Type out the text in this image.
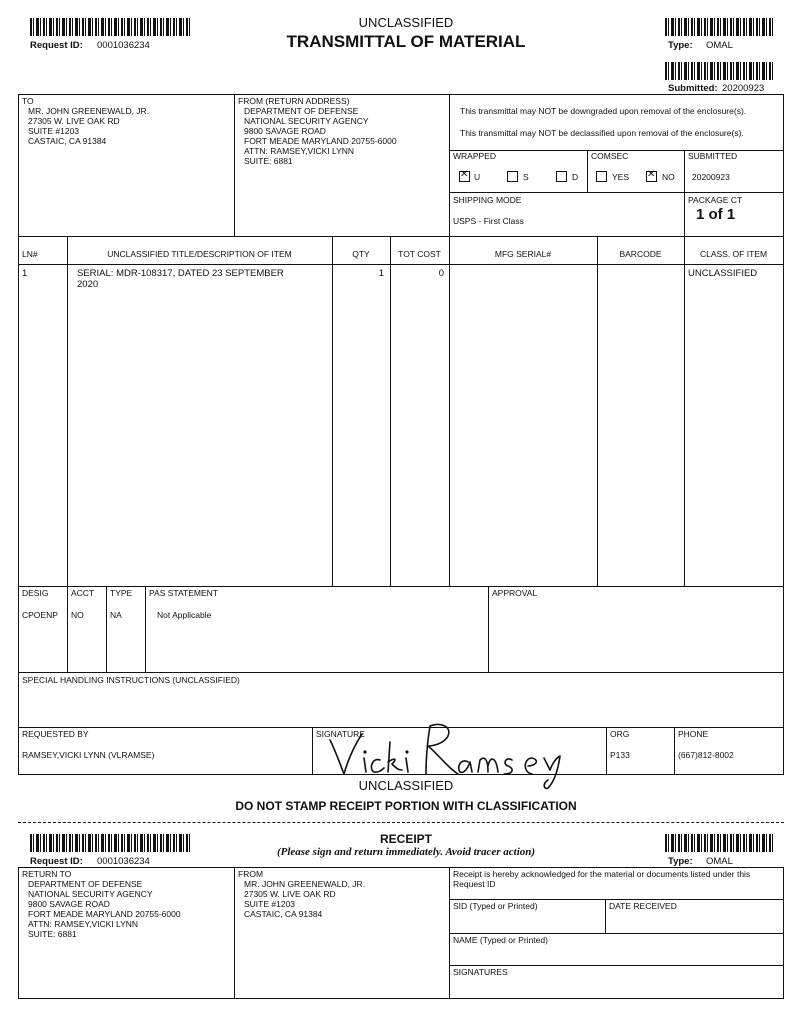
Request ID: 0001036234
UNCLASSIFIED
TRANSMITTAL OF MATERIAL	Type: OMAL
Submitted: 20200923
TO
MR. JOHN GREENEWALD, JR.
27305 W. LIVE OAK RD
SUITE #1203
CASTAIC, CA 91384
FROM (RETURN ADDRESS)
DEPARTMENT OF DEFENSE
NATIONAL SECURITY AGENCY
9800 SAVAGE ROAD
FORT MEADE MARYLAND 20755-6000
ATTN: RAMSEY,VICKI LYNN
SUITE: 6881
This transmittal may NOT be downgraded upon removal of the enclosure(s).
This transmittal may NOT be declassified upon removal of the enclosure(s).
WRAPPED
✕
U	S	D
COMSEC
YES
✕	NO
SUBMITTED
20200923
SHIPPING MODE
USPS - First Class
PACKAGE CT
1 of 1
LN#	UNCLASSIFIED TITLE/DESCRIPTION OF ITEM	QTY	TOT COST	MFG SERIAL#	BARCODE	CLASS. OF ITEM
1	SERIAL: MDR-108317, DATED 23 SEPTEMBER
2020
1	0	UNCLASSIFIED
DESIG
CPOENP
ACCT
NO
TYPE
NA
PAS STATEMENT
Not Applicable
APPROVAL
SPECIAL HANDLING INSTRUCTIONS (UNCLASSIFIED)
REQUESTED BY
RAMSEY,VICKI LYNN (VLRAMSE)
SIGNATURE	ORG
P133
PHONE
(667)812-8002
UNCLASSIFIED
DO NOT STAMP RECEIPT PORTION WITH CLASSIFICATION
Request ID: 0001036234
RECEIPT
(Please sign and return immediately. Avoid tracer action)
Type: OMAL
RETURN TO
DEPARTMENT OF DEFENSE
NATIONAL SECURITY AGENCY
9800 SAVAGE ROAD
FORT MEADE MARYLAND 20755-6000
ATTN: RAMSEY,VICKI LYNN
SUITE: 6881
FROM
MR. JOHN GREENEWALD, JR.
27305 W. LIVE OAK RD
SUITE #1203
CASTAIC, CA 91384
Receipt is hereby acknowledged for the material or documents listed under this Request ID
SID (Typed or Printed)	DATE RECEIVED
NAME (Typed or Printed)
SIGNATURES
